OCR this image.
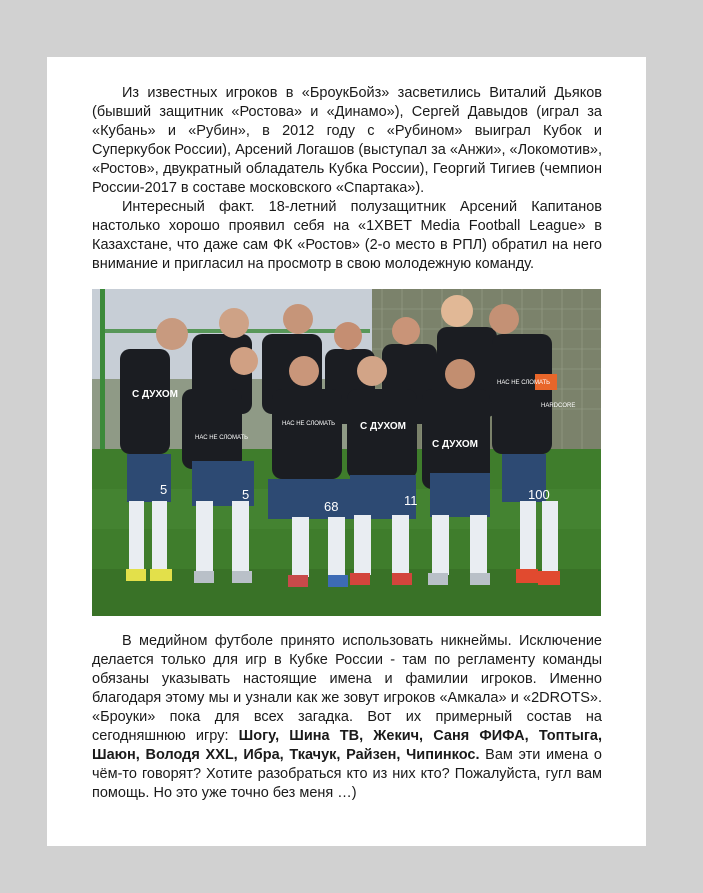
Из известных игроков в «БроукБойз» засветились Виталий Дьяков (бывший защитник «Ростова» и «Динамо»), Сергей Давыдов (играл за «Кубань» и «Рубин», в 2012 году с «Рубином» выиграл Кубок и Суперкубок России), Арсений Логашов (выступал за «Анжи», «Локомотив», «Ростов», двукратный обладатель Кубка России), Георгий Тигиев (чемпион России-2017 в составе московского «Спартака»).

Интересный факт. 18-летний полузащитник Арсений Капитанов настолько хорошо проявил себя на «1XBET Media Football League» в Казахстане, что даже сам ФК «Ростов» (2-о место в РПЛ) обратил на него внимание и пригласил на просмотр в свою молодежную команду.

HARDCORE
С ДУХОМ
С ДУХОМ
С ДУХОМ
НАС НЕ СЛОМАТЬ
НАС НЕ СЛОМАТЬ
НАС НЕ СЛОМАТЬ
5	5
68	11	100

В медийном футболе принято использовать никнеймы. Исключение делается только для игр в Кубке России - там по регламенту команды обязаны указывать настоящие имена и фамилии игроков. Именно благодаря этому мы и узнали как же зовут игроков «Амкала» и «2DROTS». «Броуки» пока для всех загадка. Вот их примерный состав на сегодняшнюю игру: Шогу, Шина ТВ, Жекич, Саня ФИФА, Топтыга, Шаюн, Володя XXL, Ибра, Ткачук, Райзен, Чипинкос. Вам эти имена о чём-то говорят? Хотите разобраться кто из них кто? Пожалуйста, гугл вам помощь. Но это уже точно без меня …)
